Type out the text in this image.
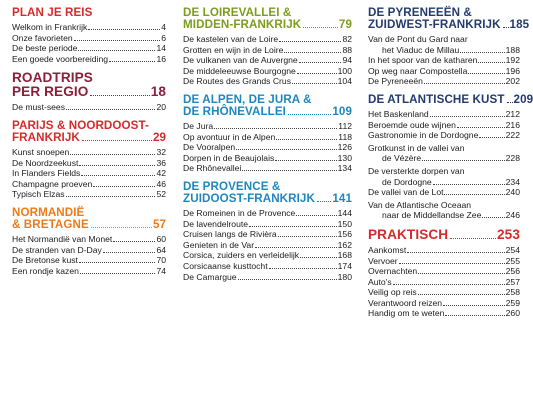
PLAN JE REIS
Welkom in Frankrijk	4
Onze favorieten	6
De beste periode	14
Een goede voorbereiding	16
ROADTRIPS
PER REGIO	18
De must-sees	20
PARIJS & NOORDOOST-
FRANKRIJK	29
Kunst snoepen	32
De Noordzeekust	36
In Flanders Fields	42
Champagne proeven	46
Typisch Elzas	52
NORMANDIË
& BRETAGNE	57
Het Normandië van Monet	60
De stranden van D-Day	64
De Bretonse kust	70
Een rondje kazen	74
DE LOIREVALLEI &
MIDDEN-FRANKRIJK	79
De kastelen van de Loire	82
Grotten en wijn in de Loire	88
De vulkanen van de Auvergne	94
De middeleeuwse Bourgogne	100
De Routes des Grands Crus	104
DE ALPEN, DE JURA &
DE RHÔNEVALLEI	109
De Jura	112
Op avontuur in de Alpen	118
De Vooralpen	126
Dorpen in de Beaujolais	130
De Rhônevallei	134
DE PROVENCE &
ZUIDOOST-FRANKRIJK 141
De Romeinen in de Provence	144
De lavendelroute	150
Cruisen langs de Rivièra	156
Genieten in de Var	162
Corsica, zuiders en verleidelijk	168
Corsicaanse kusttocht	174
De Camargue	180
DE PYRENEEËN &
ZUIDWEST-FRANKRIJK 185
Van de Pont du Gard naar
het Viaduc de Millau	188
In het spoor van de katharen	192
Op weg naar Compostella	196
De Pyreneeën	202
DE ATLANTISCHE KUST 209
Het Baskenland	212
Beroemde oude wijnen	216
Gastronomie in de Dordogne	222
Grotkunst in de vallei van
de Vézère	228
De versterkte dorpen van
de Dordogne	234
De vallei van de Lot	240
Van de Atlantische Oceaan
naar de Middellandse Zee	246
PRAKTISCH	253
Aankomst	254
Vervoer	255
Overnachten	256
Auto's	257
Veilig op reis	258
Verantwoord reizen	259
Handig om te weten	260
